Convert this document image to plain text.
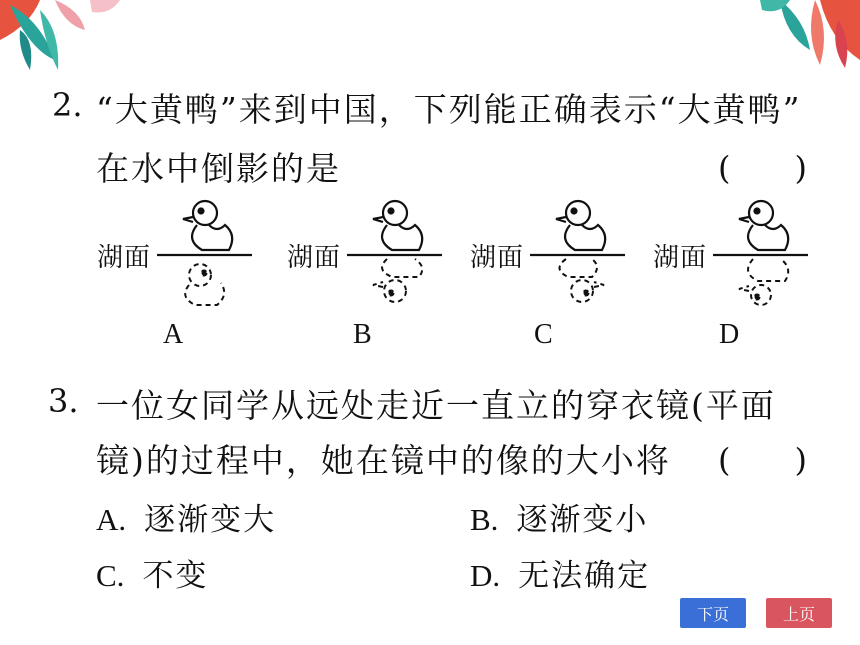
2. “大黄鸭”来到中国，下列能正确表示“大黄鸭”
在水中倒影的是	(　　)
湖面
A
湖面
B
湖面
C
湖面
D
3. 一位女同学从远处走近一直立的穿衣镜(平面
镜)的过程中，她在镜中的像的大小将 (　　)
A. 逐渐变大	B. 逐渐变小
C. 不变	D. 无法确定
下页	上页
